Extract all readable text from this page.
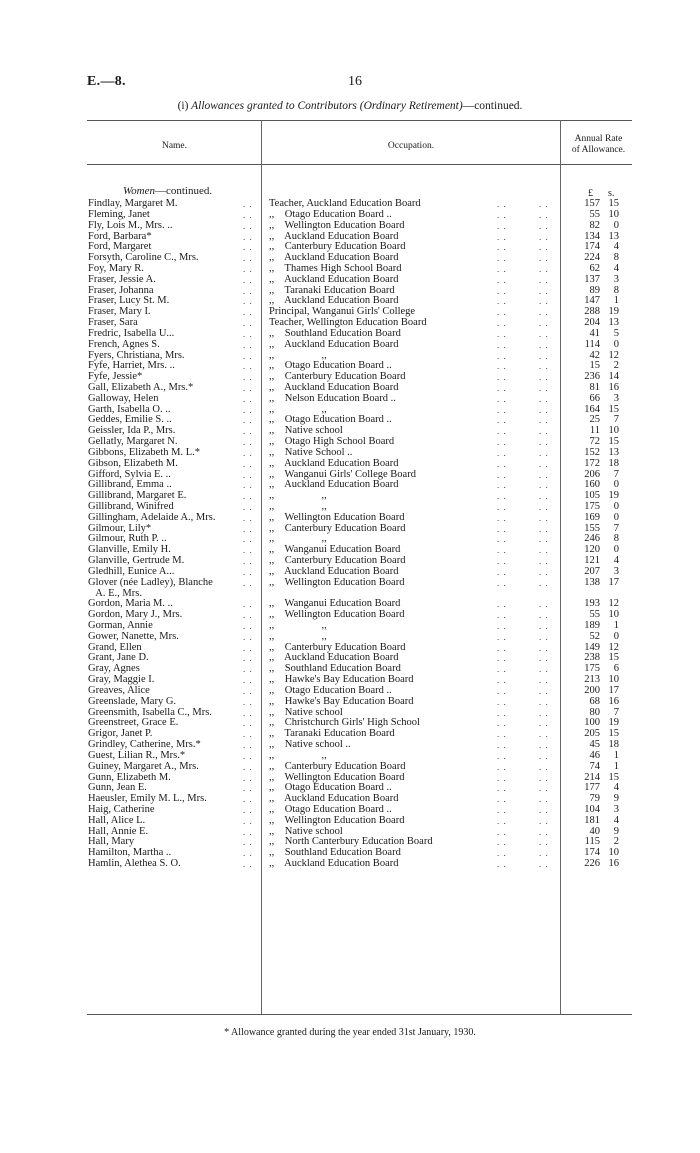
E.—8.	16
(i) Allowances granted to Contributors (Ordinary Retirement)—continued.
Name.	Occupation.
Annual Rate
of Allowance.
Women—continued.	£ s.
Findlay, Margaret M.	Teacher, Auckland Education Board	157 15
. .	. .	. .
Fleming, Janet	,,    Otago Education Board ..	55 10
. .	. .	. .
Fly, Lois M., Mrs. ..	,,    Wellington Education Board	82	0
. .	. .	. .
Ford, Barbara*	,,    Auckland Education Board	134 13
. .	. .	. .
Ford, Margaret	,,    Canterbury Education Board	174	4
. .	. .	. .
Forsyth, Caroline C., Mrs.	,,    Auckland Education Board	224	8
. .	. .	. .
Foy, Mary R.	,,    Thames High School Board	62	4
. .	. .	. .
Fraser, Jessie A.	,,    Auckland Education Board	137	3
. .	. .	. .
Fraser, Johanna	,,    Taranaki Education Board	89	8
. .	. .	. .
Fraser, Lucy St. M.	,,    Auckland Education Board	147	1
. .	. .	. .
Fraser, Mary I.	Principal, Wanganui Girls' College	288 19
. .	. .	. .
Fraser, Sara	Teacher, Wellington Education Board	204 13
. .	. .	. .
Fredric, Isabella U...	,,    Southland Education Board	41	5
. .	. .	. .
French, Agnes S.	,,    Auckland Education Board	114	0
. .	. .	. .
Fyers, Christiana, Mrs.	,,                  ,,	42 12
. .	. .	. .
Fyfe, Harriet, Mrs. ..	,,    Otago Education Board ..	15	2
. .	. .	. .
Fyfe, Jessie*	,,    Canterbury Education Board	236 14
. .	. .	. .
Gall, Elizabeth A., Mrs.*	,,    Auckland Education Board	81 16
. .	. .	. .
Galloway, Helen	,,    Nelson Education Board ..	66	3
. .	. .	. .
Garth, Isabella O. ..	,,                  ,,	164 15
. .	. .	. .
Geddes, Emilie S. ..	,,    Otago Education Board ..	25	7
. .	. .	. .
Geissler, Ida P., Mrs.	,,    Native school	11 10
. .	. .	. .
Gellatly, Margaret N.	,,    Otago High School Board	72 15
. .	. .	. .
Gibbons, Elizabeth M. L.*	,,    Native School ..	152 13
. .	. .	. .
Gibson, Elizabeth M.	,,    Auckland Education Board	172 18
. .	. .	. .
Gifford, Sylvia E. ..	,,    Wanganui Girls' College Board	206	7
. .	. .	. .
Gillibrand, Emma ..	,,    Auckland Education Board	160	0
. .	. .	. .
Gillibrand, Margaret E.	,,                  ,,	105 19
. .	. .	. .
Gillibrand, Winifred	,,                  ,,	175	0
. .	. .	. .
Gillingham, Adelaide A., Mrs.	,,    Wellington Education Board	169	0
. .	. .	. .
Gilmour, Lily*	,,    Canterbury Education Board	155	7
. .	. .	. .
Gilmour, Ruth P. ..	,,                  ,,	246	8
. .	. .	. .
Glanville, Emily H.	,,    Wanganui Education Board	120	0
. .	. .	. .
Glanville, Gertrude M.	,,    Canterbury Education Board	121	4
. .	. .	. .
Gledhill, Eunice A...	,,    Auckland Education Board	207	3
. .	. .	. .
Glover (née Ladley), Blanche	,,    Wellington Education Board	138 17
. .	. .	. .
A. E., Mrs.
Gordon, Maria M. ..	,,    Wanganui Education Board	193 12
. .	. .	. .
Gordon, Mary J., Mrs.	,,    Wellington Education Board	55 10
. .	. .	. .
Gorman, Annie	,,                  ,,	189	1
. .	. .	. .
Gower, Nanette, Mrs.	,,                  ,,	52	0
. .	. .	. .
Grand, Ellen	,,    Canterbury Education Board	149 12
. .	. .	. .
Grant, Jane D.	,,    Auckland Education Board	238 15
. .	. .	. .
Gray, Agnes	,,    Southland Education Board	175	6
. .	. .	. .
Gray, Maggie I.	,,    Hawke's Bay Education Board	213 10
. .	. .	. .
Greaves, Alice	,,    Otago Education Board ..	200 17
. .	. .	. .
Greenslade, Mary G.	,,    Hawke's Bay Education Board	68 16
. .	. .	. .
Greensmith, Isabella C., Mrs.	,,    Native school	80	7
. .	. .	. .
Greenstreet, Grace E.	,,    Christchurch Girls' High School	100 19
. .	. .	. .
Grigor, Janet P.	,,    Taranaki Education Board	205 15
. .	. .	. .
Grindley, Catherine, Mrs.*	,,    Native school ..	45 18
. .	. .	. .
Guest, Lilian R., Mrs.*	,,                  ,,	46	1
. .	. .	. .
Guiney, Margaret A., Mrs.	,,    Canterbury Education Board	74	1
. .	. .	. .
Gunn, Elizabeth M.	,,    Wellington Education Board	214 15
. .	. .	. .
Gunn, Jean E.	,,    Otago Education Board ..	177	4
. .	. .	. .
Haeusler, Emily M. L., Mrs.	,,    Auckland Education Board	79	9
. .	. .	. .
Haig, Catherine	,,    Otago Education Board ..	104	3
. .	. .	. .
Hall, Alice L.	,,    Wellington Education Board	181	4
. .	. .	. .
Hall, Annie E.	,,    Native school	40	9
. .	. .	. .
Hall, Mary	,,    North Canterbury Education Board	115	2
. .	. .	. .
Hamilton, Martha ..	,,    Southland Education Board	174 10
. .	. .	. .
Hamlin, Alethea S. O.	,,    Auckland Education Board	226 16
. .	. .	. .
* Allowance granted during the year ended 31st January, 1930.
